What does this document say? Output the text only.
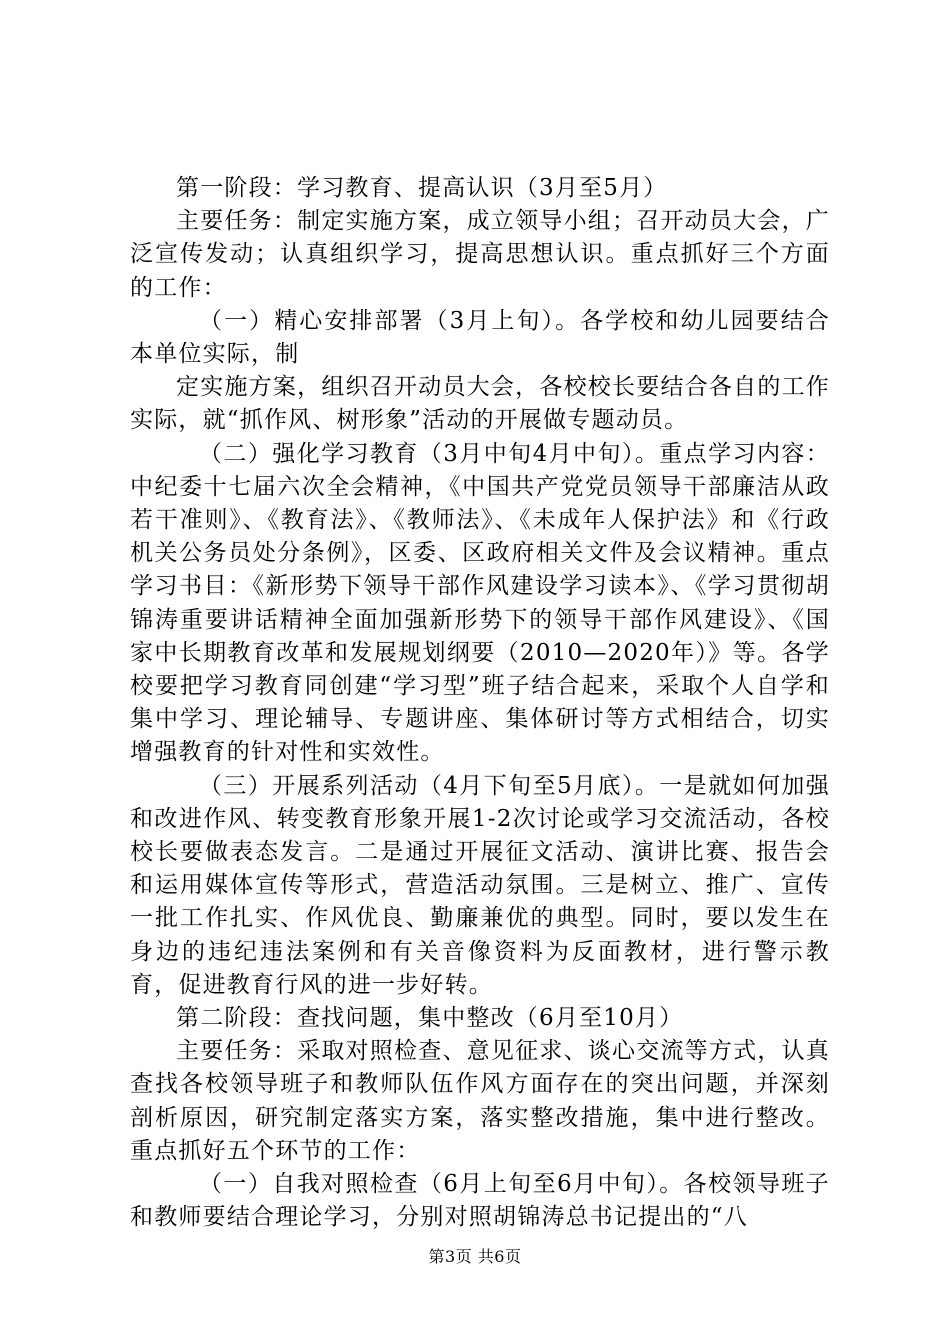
第一阶段：学习教育、提高认识（3月至5月）

主要任务：制定实施方案，成立领导小组；召开动员大会，广泛宣传发动；认真组织学习，提高思想认识。重点抓好三个方面的工作：

（一）精心安排部署（3月上旬）。各学校和幼儿园要结合本单位实际，制

定实施方案，组织召开动员大会，各校校长要结合各自的工作实际，就“抓作风、树形象”活动的开展做专题动员。

（二）强化学习教育（3月中旬4月中旬）。重点学习内容：中纪委十七届六次全会精神，《中国共产党党员领导干部廉洁从政若干准则》、《教育法》、《教师法》、《未成年人保护法》和《行政机关公务员处分条例》，区委、区政府相关文件及会议精神。重点学习书目：《新形势下领导干部作风建设学习读本》、《学习贯彻胡锦涛重要讲话精神全面加强新形势下的领导干部作风建设》、《国家中长期教育改革和发展规划纲要（2010—2020年）》等。各学校要把学习教育同创建“学习型”班子结合起来，采取个人自学和集中学习、理论辅导、专题讲座、集体研讨等方式相结合，切实增强教育的针对性和实效性。

（三）开展系列活动（4月下旬至5月底）。一是就如何加强和改进作风、转变教育形象开展1-2次讨论或学习交流活动，各校校长要做表态发言。二是通过开展征文活动、演讲比赛、报告会和运用媒体宣传等形式，营造活动氛围。三是树立、推广、宣传一批工作扎实、作风优良、勤廉兼优的典型。同时，要以发生在身边的违纪违法案例和有关音像资料为反面教材，进行警示教育，促进教育行风的进一步好转。

第二阶段：查找问题，集中整改（6月至10月）

主要任务：采取对照检查、意见征求、谈心交流等方式，认真查找各校领导班子和教师队伍作风方面存在的突出问题，并深刻剖析原因，研究制定落实方案，落实整改措施，集中进行整改。重点抓好五个环节的工作：

（一）自我对照检查（6月上旬至6月中旬）。各校领导班子和教师要结合理论学习，分别对照胡锦涛总书记提出的“八

第3页 共6页
